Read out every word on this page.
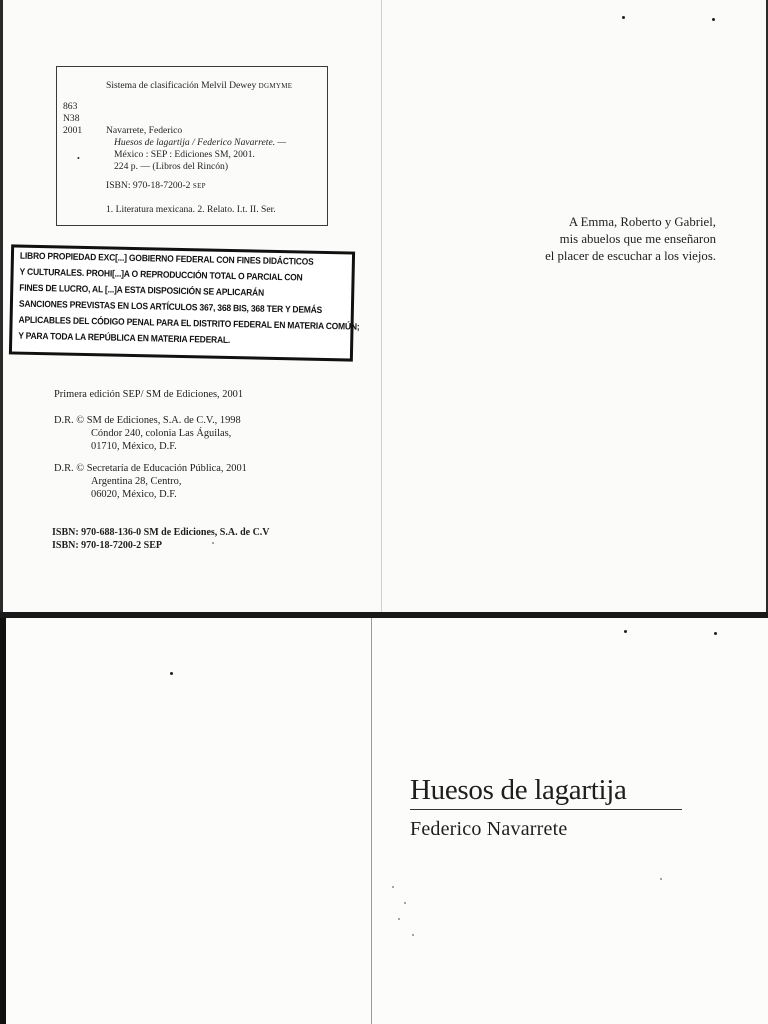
Sistema de clasificación Melvil Dewey DGMYME
863
N38
2001
•
Navarrete, Federico
Huesos de lagartija / Federico Navarrete. —
México : SEP : Ediciones SM, 2001.
224 p. — (Libros del Rincón)
ISBN: 970-18-7200-2 SEP
1. Literatura mexicana. 2. Relato. I.t. II. Ser.
LIBRO PROPIEDAD EXC[...] GOBIERNO FEDERAL CON FINES DIDÁCTICOS
Y CULTURALES. PROHI[...]A O REPRODUCCIÓN TOTAL O PARCIAL CON
FINES DE LUCRO, AL [...]A ESTA DISPOSICIÓN SE APLICARÁN
SANCIONES PREVISTAS EN LOS ARTÍCULOS 367, 368 BIS, 368 TER Y DEMÁS
APLICABLES DEL CÓDIGO PENAL PARA EL DISTRITO FEDERAL EN MATERIA COMÚN;
Y PARA TODA LA REPÚBLICA EN MATERIA FEDERAL.
Primera edición SEP/ SM de Ediciones, 2001
D.R. © SM de Ediciones, S.A. de C.V., 1998
Cóndor 240, colonia Las Águilas,
01710, México, D.F.
D.R. © Secretaría de Educación Pública, 2001
Argentina 28, Centro,
06020, México, D.F.
ISBN: 970-688-136-0 SM de Ediciones, S.A. de C.V
ISBN: 970-18-7200-2 SEP
A Emma, Roberto y Gabriel,
mis abuelos que me enseñaron
el placer de escuchar a los viejos.
Huesos de lagartija
Federico Navarrete
